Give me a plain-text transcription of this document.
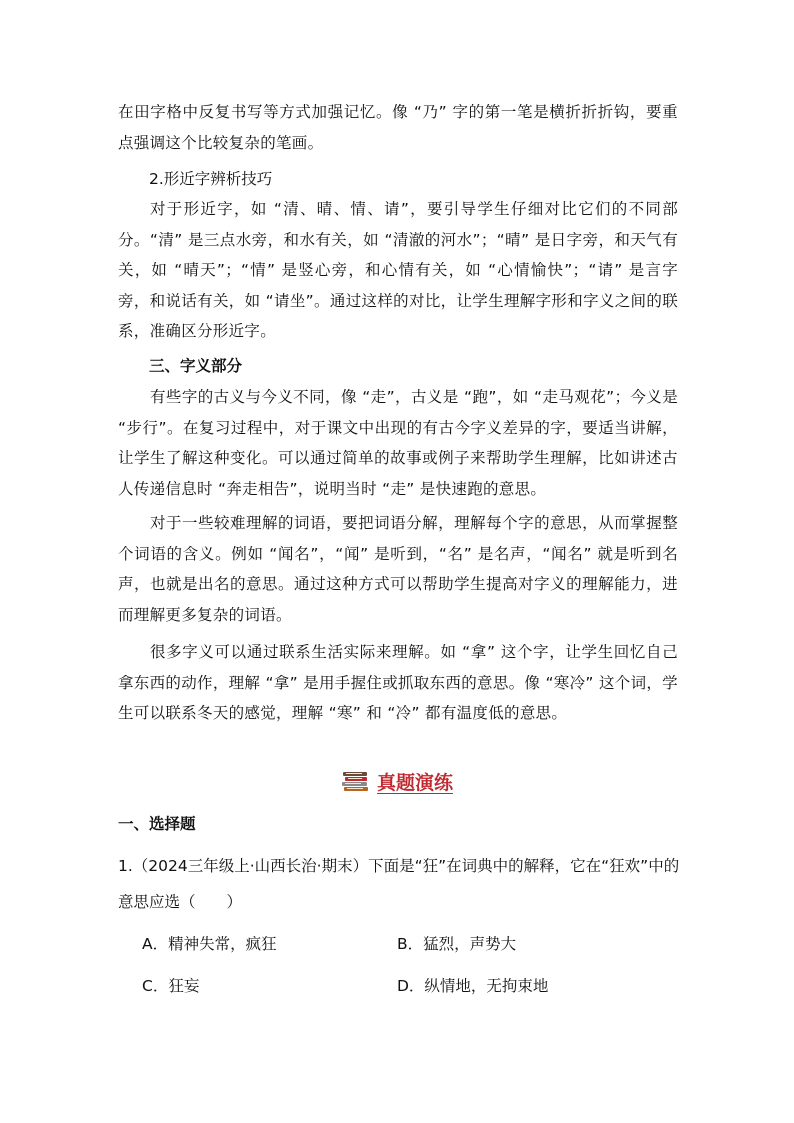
在田字格中反复书写等方式加强记忆。像 “乃” 字的第一笔是横折折折钩，要重点强调这个比较复杂的笔画。

2.形近字辨析技巧

对于形近字，如 “清、晴、情、请”，要引导学生仔细对比它们的不同部分。“清” 是三点水旁，和水有关，如 “清澈的河水”；“晴” 是日字旁，和天气有关，如 “晴天”；“情” 是竖心旁，和心情有关，如 “心情愉快”；“请” 是言字旁，和说话有关，如 “请坐”。通过这样的对比，让学生理解字形和字义之间的联系，准确区分形近字。

三、字义部分

有些字的古义与今义不同，像 “走”，古义是 “跑”，如 “走马观花”；今义是 “步行”。在复习过程中，对于课文中出现的有古今字义差异的字，要适当讲解，让学生了解这种变化。可以通过简单的故事或例子来帮助学生理解，比如讲述古人传递信息时 “奔走相告”，说明当时 “走” 是快速跑的意思。

对于一些较难理解的词语，要把词语分解，理解每个字的意思，从而掌握整个词语的含义。例如 “闻名”，“闻” 是听到，“名” 是名声，“闻名” 就是听到名声，也就是出名的意思。通过这种方式可以帮助学生提高对字义的理解能力，进而理解更多复杂的词语。

很多字义可以通过联系生活实际来理解。如 “拿” 这个字，让学生回忆自己拿东西的动作，理解 “拿” 是用手握住或抓取东西的意思。像 “寒冷” 这个词，学生可以联系冬天的感觉，理解 “寒” 和 “冷” 都有温度低的意思。

真题演练

一、选择题

1.（2024三年级上·山西长治·期末）下面是“狂”在词典中的解释，它在“狂欢”中的意思应选（　　）

A．精神失常，疯狂	B．猛烈，声势大
C．狂妄	D．纵情地，无拘束地
